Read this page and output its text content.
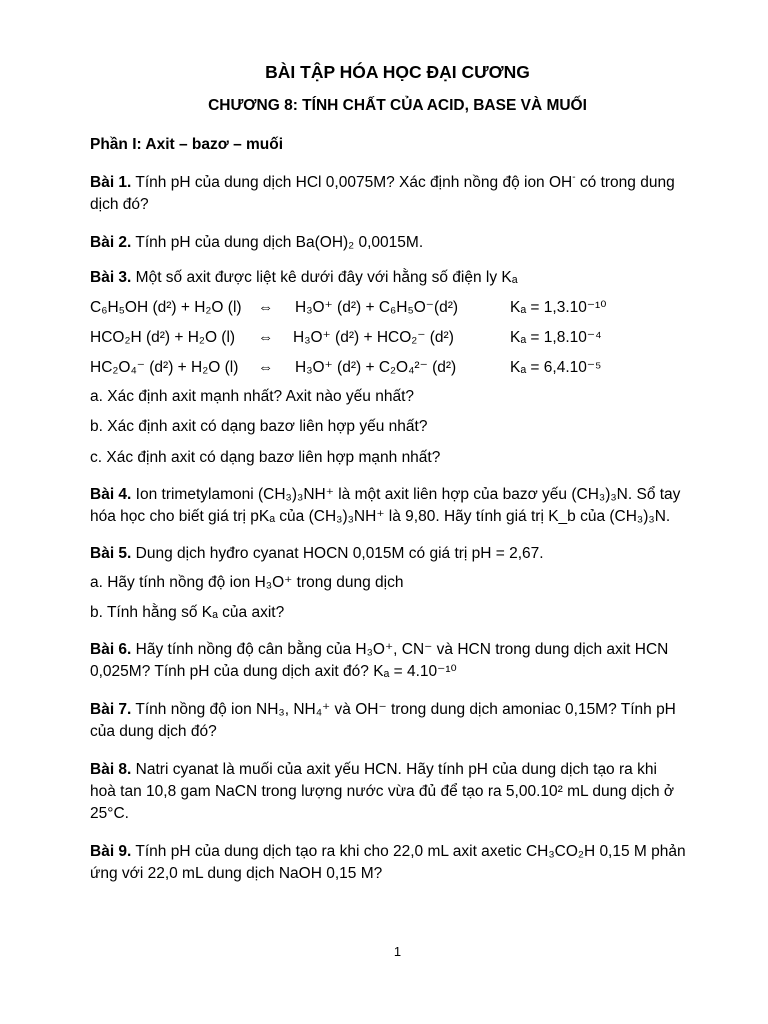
BÀI TẬP HÓA HỌC ĐẠI CƯƠNG
CHƯƠNG 8: TÍNH CHẤT CỦA ACID, BASE VÀ MUỐI
Phần I: Axit – bazơ – muối
Bài 1. Tính pH của dung dịch HCl 0,0075M? Xác định nồng độ ion OH- có trong dung
dịch đó?
Bài 2. Tính pH của dung dịch Ba(OH)₂ 0,0015M.
Bài 3. Một số axit được liệt kê dưới đây với hằng số điện ly Kₐ
C₆H₅OH (d²) + H₂O (l) ⇔ H₃O⁺ (d²) + C₆H₅O⁻(d²)	Kₐ = 1,3.10⁻¹⁰
HCO₂H (d²) + H₂O (l) ⇔ H₃O⁺ (d²) + HCO₂⁻ (d²)	Kₐ = 1,8.10⁻⁴
HC₂O₄⁻ (d²) + H₂O (l) ⇔ H₃O⁺ (d²) + C₂O₄²⁻ (d²)	Kₐ = 6,4.10⁻⁵
a. Xác định axit mạnh nhất? Axit nào yếu nhất?
b. Xác định axit có dạng bazơ liên hợp yếu nhất?
c. Xác định axit có dạng bazơ liên hợp mạnh nhất?
Bài 4. Ion trimetylamoni (CH₃)₃NH⁺ là một axit liên hợp của bazơ yếu (CH₃)₃N. Sổ tay
hóa học cho biết giá trị pKₐ của (CH₃)₃NH⁺ là 9,80. Hãy tính giá trị K_b của (CH₃)₃N.
Bài 5. Dung dịch hyđro cyanat HOCN 0,015M có giá trị pH = 2,67.
a. Hãy tính nồng độ ion H₃O⁺ trong dung dịch
b. Tính hằng số Kₐ của axit?
Bài 6. Hãy tính nồng độ cân bằng của H₃O⁺, CN⁻ và HCN trong dung dịch axit HCN
0,025M? Tính pH của dung dịch axit đó? Kₐ = 4.10⁻¹⁰
Bài 7. Tính nồng độ ion NH₃, NH₄⁺ và OH⁻ trong dung dịch amoniac 0,15M? Tính pH
của dung dịch đó?
Bài 8. Natri cyanat là muối của axit yếu HCN. Hãy tính pH của dung dịch tạo ra khi
hoà tan 10,8 gam NaCN trong lượng nước vừa đủ để tạo ra 5,00.10² mL dung dịch ở
25°C.
Bài 9. Tính pH của dung dịch tạo ra khi cho 22,0 mL axit axetic CH₃CO₂H 0,15 M phản
ứng với 22,0 mL dung dịch NaOH 0,15 M?
1
